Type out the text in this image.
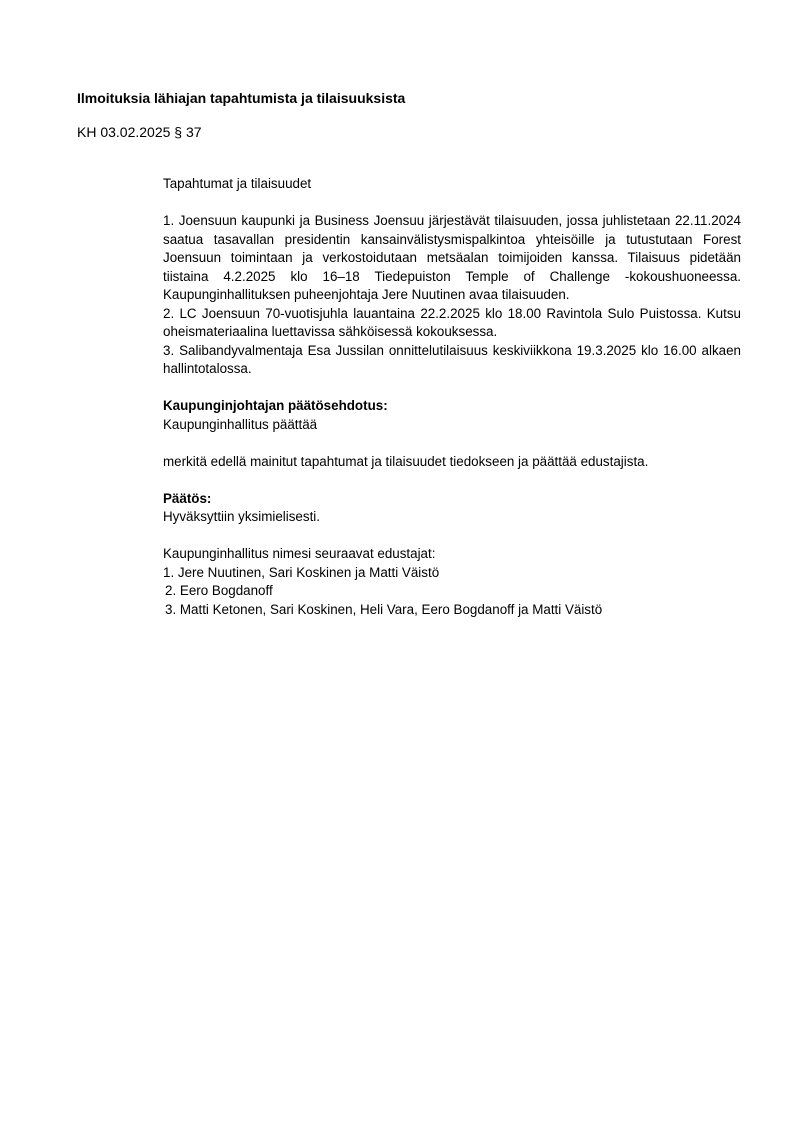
Ilmoituksia lähiajan tapahtumista ja tilaisuuksista
KH 03.02.2025 § 37

Tapahtumat ja tilaisuudet

1. Joensuun kaupunki ja Business Joensuu järjestävät tilaisuuden, jossa juhlistetaan 22.11.2024 saatua tasavallan presidentin kansainvälistysmispalkintoa yhteisöille ja tutustutaan Forest Joensuun toimintaan ja verkostoidutaan metsäalan toimijoiden kanssa. Tilaisuus pidetään tiistaina 4.2.2025 klo 16–18 Tiedepuiston Temple of Challenge -kokoushuoneessa. Kaupunginhallituksen puheenjohtaja Jere Nuutinen avaa tilaisuuden.

2. LC Joensuun 70-vuotisjuhla lauantaina 22.2.2025 klo 18.00 Ravintola Sulo Puistossa. Kutsu oheismateriaalina luettavissa sähköisessä kokouksessa.

3. Salibandyvalmentaja Esa Jussilan onnittelutilaisuus keskiviikkona 19.3.2025 klo 16.00 alkaen hallintotalossa.

Kaupunginjohtajan päätösehdotus:

Kaupunginhallitus päättää

merkitä edellä mainitut tapahtumat ja tilaisuudet tiedokseen ja päättää edustajista.

Päätös:

Hyväksyttiin yksimielisesti.

Kaupunginhallitus nimesi seuraavat edustajat:

1. Jere Nuutinen, Sari Koskinen ja Matti Väistö

2. Eero Bogdanoff

3. Matti Ketonen, Sari Koskinen, Heli Vara, Eero Bogdanoff ja Matti Väistö
